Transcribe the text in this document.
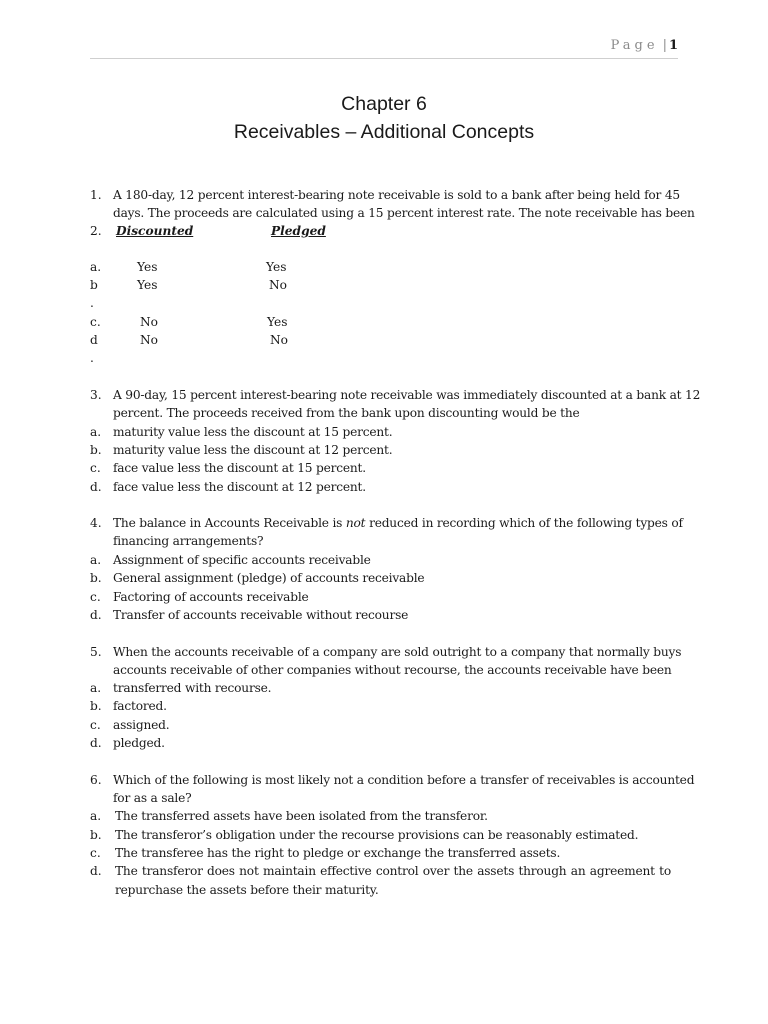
Page | 1
Chapter 6
Receivables – Additional Concepts
1. A 180-day, 12 percent interest-bearing note receivable is sold to a bank after being held for 45
days. The proceeds are calculated using a 15 percent interest rate. The note receivable has been
2. Discounted	Pledged
a.	Yes	Yes
b	Yes	No
.
c.	No	Yes
d	No	No
.
3. A 90-day, 15 percent interest-bearing note receivable was immediately discounted at a bank at 12
percent. The proceeds received from the bank upon discounting would be the
a. maturity value less the discount at 15 percent.
b. maturity value less the discount at 12 percent.
c. face value less the discount at 15 percent.
d. face value less the discount at 12 percent.
4. The balance in Accounts Receivable is not reduced in recording which of the following types of
financing arrangements?
a. Assignment of specific accounts receivable
b. General assignment (pledge) of accounts receivable
c. Factoring of accounts receivable
d. Transfer of accounts receivable without recourse
5. When the accounts receivable of a company are sold outright to a company that normally buys
accounts receivable of other companies without recourse, the accounts receivable have been
a. transferred with recourse.
b. factored.
c. assigned.
d. pledged.
6. Which of the following is most likely not a condition before a transfer of receivables is accounted
for as a sale?
a. The transferred assets have been isolated from the transferor.
b. The transferor’s obligation under the recourse provisions can be reasonably estimated.
c. The transferee has the right to pledge or exchange the transferred assets.
d. The transferor does not maintain effective control over the assets through an agreement to
repurchase the assets before their maturity.
